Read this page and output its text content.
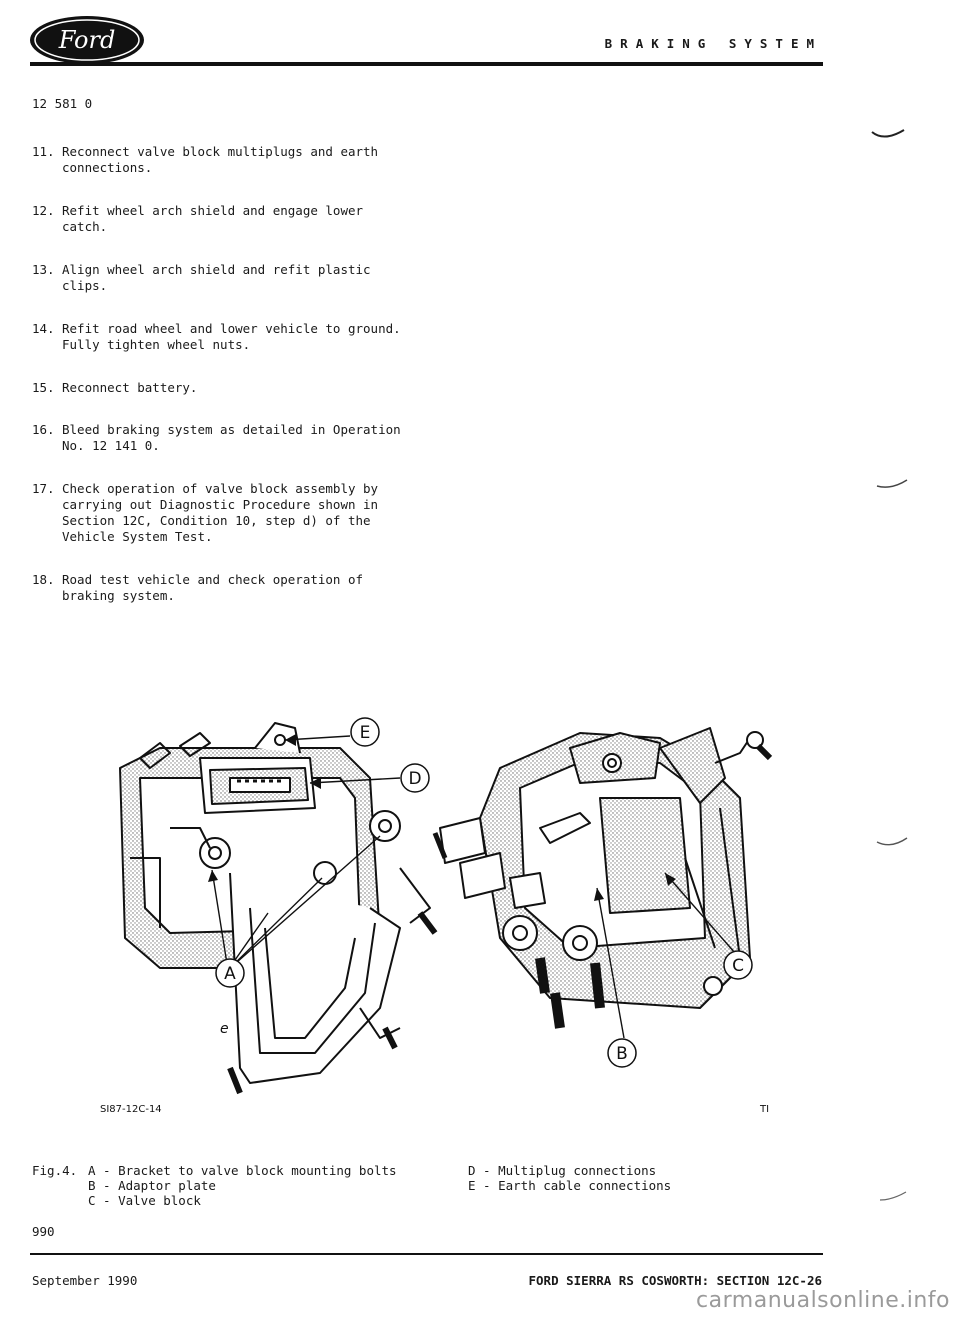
Ford	BRAKING SYSTEM
12 581 0
11. Reconnect valve block multiplugs and earth
connections.
12. Refit wheel arch shield and engage lower
catch.
13. Align wheel arch shield and refit plastic
clips.
14. Refit road wheel and lower vehicle to ground.
Fully tighten wheel nuts.
15. Reconnect battery.
16. Bleed braking system as detailed in Operation
No. 12 141 0.
17. Check operation of valve block assembly by
carrying out Diagnostic Procedure shown in
Section 12C, Condition 10, step d) of the
Vehicle System Test.
18. Road test vehicle and check operation of
braking system.
e
E
D
A
B
C
SI87-12C-14	TI
Fig.4. A - Bracket to valve block mounting bolts
B - Adaptor plate
C - Valve block
D - Multiplug connections
E - Earth cable connections
990
September 1990	FORD SIERRA RS COSWORTH: SECTION 12C-26
carmanualsonline.info
